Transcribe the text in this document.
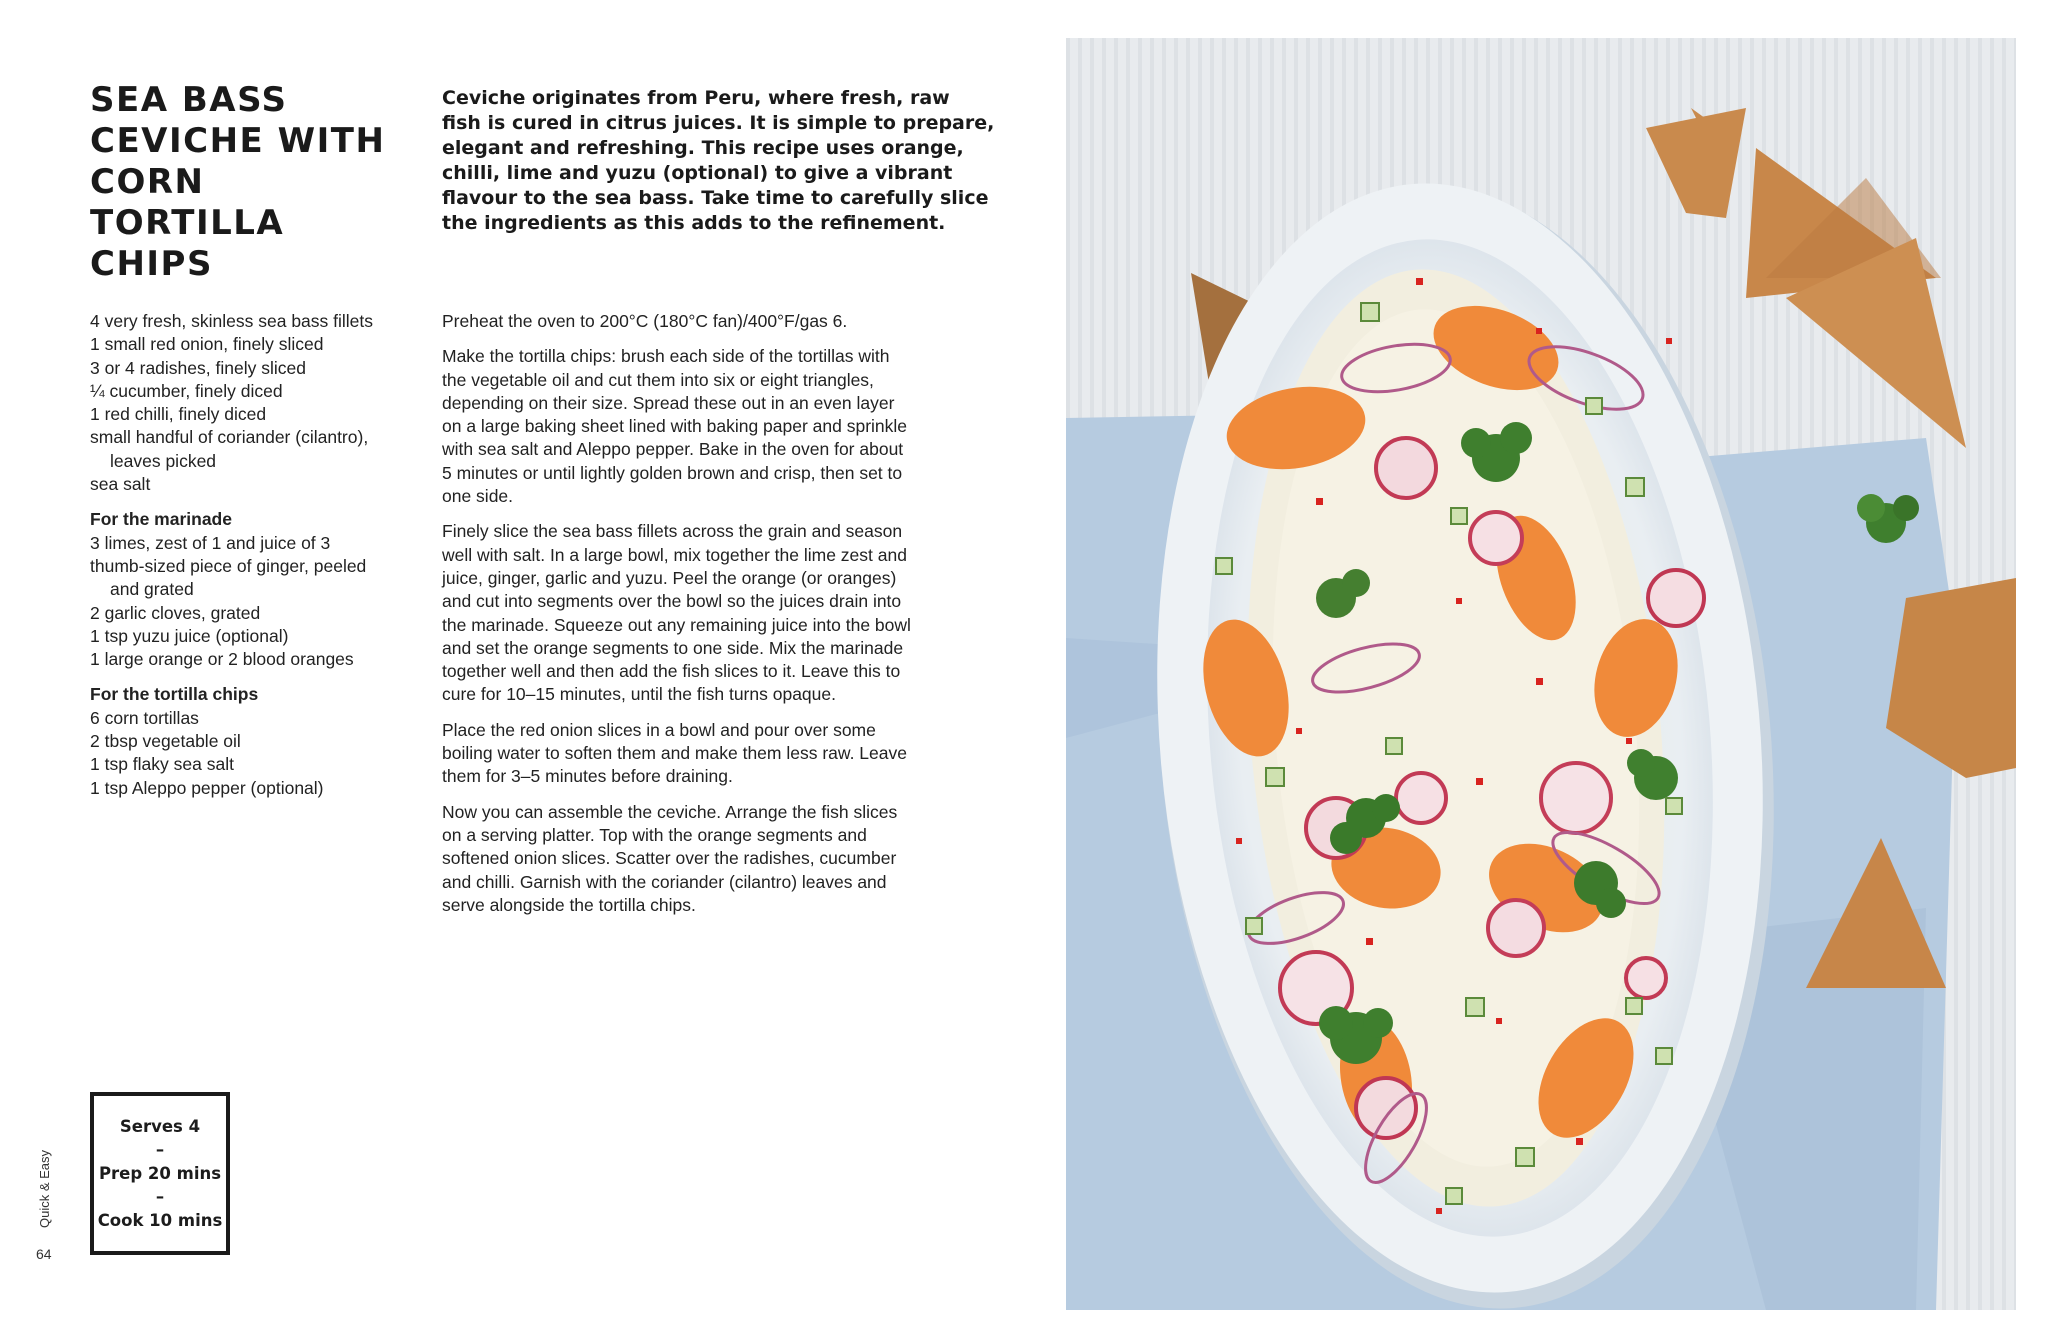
SEA BASS
CEVICHE WITH
CORN TORTILLA
CHIPS
Ceviche originates from Peru, where fresh, raw
fish is cured in citrus juices. It is simple to prepare,
elegant and refreshing. This recipe uses orange,
chilli, lime and yuzu (optional) to give a vibrant
flavour to the sea bass. Take time to carefully slice
the ingredients as this adds to the refinement.
4 very fresh, skinless sea bass fillets
1 small red onion, finely sliced
3 or 4 radishes, finely sliced
¼ cucumber, finely diced
1 red chilli, finely diced
small handful of coriander (cilantro),
leaves picked
sea salt
For the marinade
3 limes, zest of 1 and juice of 3
thumb-sized piece of ginger, peeled
and grated
2 garlic cloves, grated
1 tsp yuzu juice (optional)
1 large orange or 2 blood oranges
For the tortilla chips
6 corn tortillas
2 tbsp vegetable oil
1 tsp flaky sea salt
1 tsp Aleppo pepper (optional)
Preheat the oven to 200°C (180°C fan)/400°F/gas 6.
Make the tortilla chips: brush each side of the tortillas with
the vegetable oil and cut them into six or eight triangles,
depending on their size. Spread these out in an even layer
on a large baking sheet lined with baking paper and sprinkle
with sea salt and Aleppo pepper. Bake in the oven for about
5 minutes or until lightly golden brown and crisp, then set to
one side.
Finely slice the sea bass fillets across the grain and season
well with salt. In a large bowl, mix together the lime zest and
juice, ginger, garlic and yuzu. Peel the orange (or oranges)
and cut into segments over the bowl so the juices drain into
the marinade. Squeeze out any remaining juice into the bowl
and set the orange segments to one side. Mix the marinade
together well and then add the fish slices to it. Leave this to
cure for 10–15 minutes, until the fish turns opaque.
Place the red onion slices in a bowl and pour over some
boiling water to soften them and make them less raw. Leave
them for 3–5 minutes before draining.
Now you can assemble the ceviche. Arrange the fish slices
on a serving platter. Top with the orange segments and
softened onion slices. Scatter over the radishes, cucumber
and chilli. Garnish with the coriander (cilantro) leaves and
serve alongside the tortilla chips.
Serves 4
–
Prep 20 mins
–
Cook 10 mins
Quick & Easy
64
